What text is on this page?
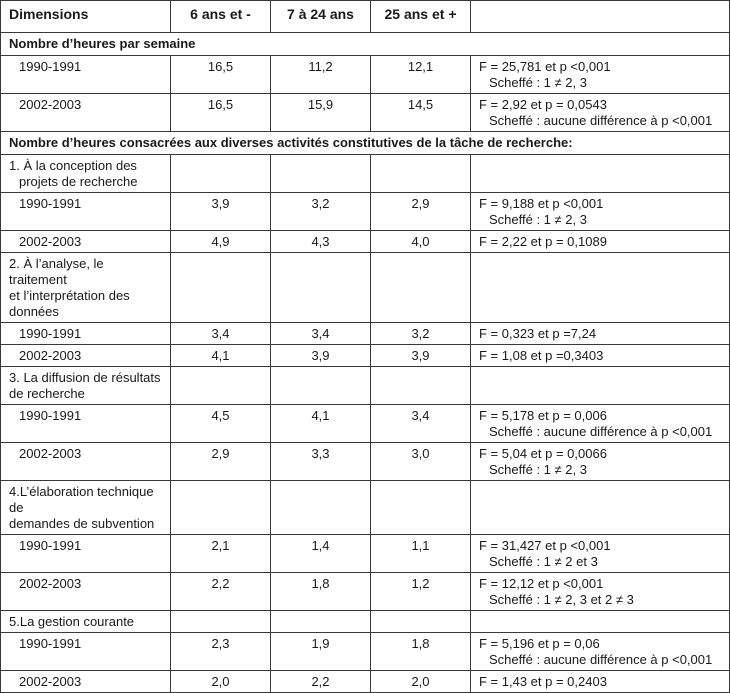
Dimensions	6 ans et -	7 à 24 ans	25 ans et +	
Nombre d’heures par semaine				
1990-1991	16,5	11,2	12,1	F = 25,781 et p <0,001
Scheffé : 1 ≠ 2, 3

2002-2003	16,5	15,9	14,5	F = 2,92 et p = 0,0543
Scheffé : aucune différence à p <0,001

Nombre d’heures consacrées aux diverses activités constitutives de la tâche de recherche:				

1. À la conception des
projets de recherche				

1990-1991	3,9	3,2	2,9	F = 9,188 et p <0,001
Scheffé : 1 ≠ 2, 3

2002-2003	4,9	4,3	4,0	F = 2,22 et p = 0,1089

2. À l’analyse, le traitement
et l’interprétation des
données				

1990-1991	3,4	3,4	3,2	F = 0,323 et p =7,24

2002-2003	4,1	3,9	3,9	F = 1,08 et p =0,3403

3. La diffusion de résultats
de recherche				

1990-1991	4,5	4,1	3,4	F = 5,178 et p = 0,006
Scheffé : aucune différence à p <0,001

2002-2003	2,9	3,3	3,0	F = 5,04 et p = 0,0066
Scheffé : 1 ≠ 2, 3

4.L’élaboration technique de
demandes de subvention				

1990-1991	2,1	1,4	1,1	F = 31,427 et p <0,001
Scheffé : 1 ≠ 2 et 3

2002-2003	2,2	1,8	1,2	F = 12,12 et p <0,001
Scheffé : 1 ≠ 2, 3 et 2 ≠ 3

5.La gestion courante				

1990-1991	2,3	1,9	1,8	F = 5,196 et p = 0,06
Scheffé : aucune différence à p <0,001

2002-2003	2,0	2,2	2,0	F = 1,43 et p = 0,2403
